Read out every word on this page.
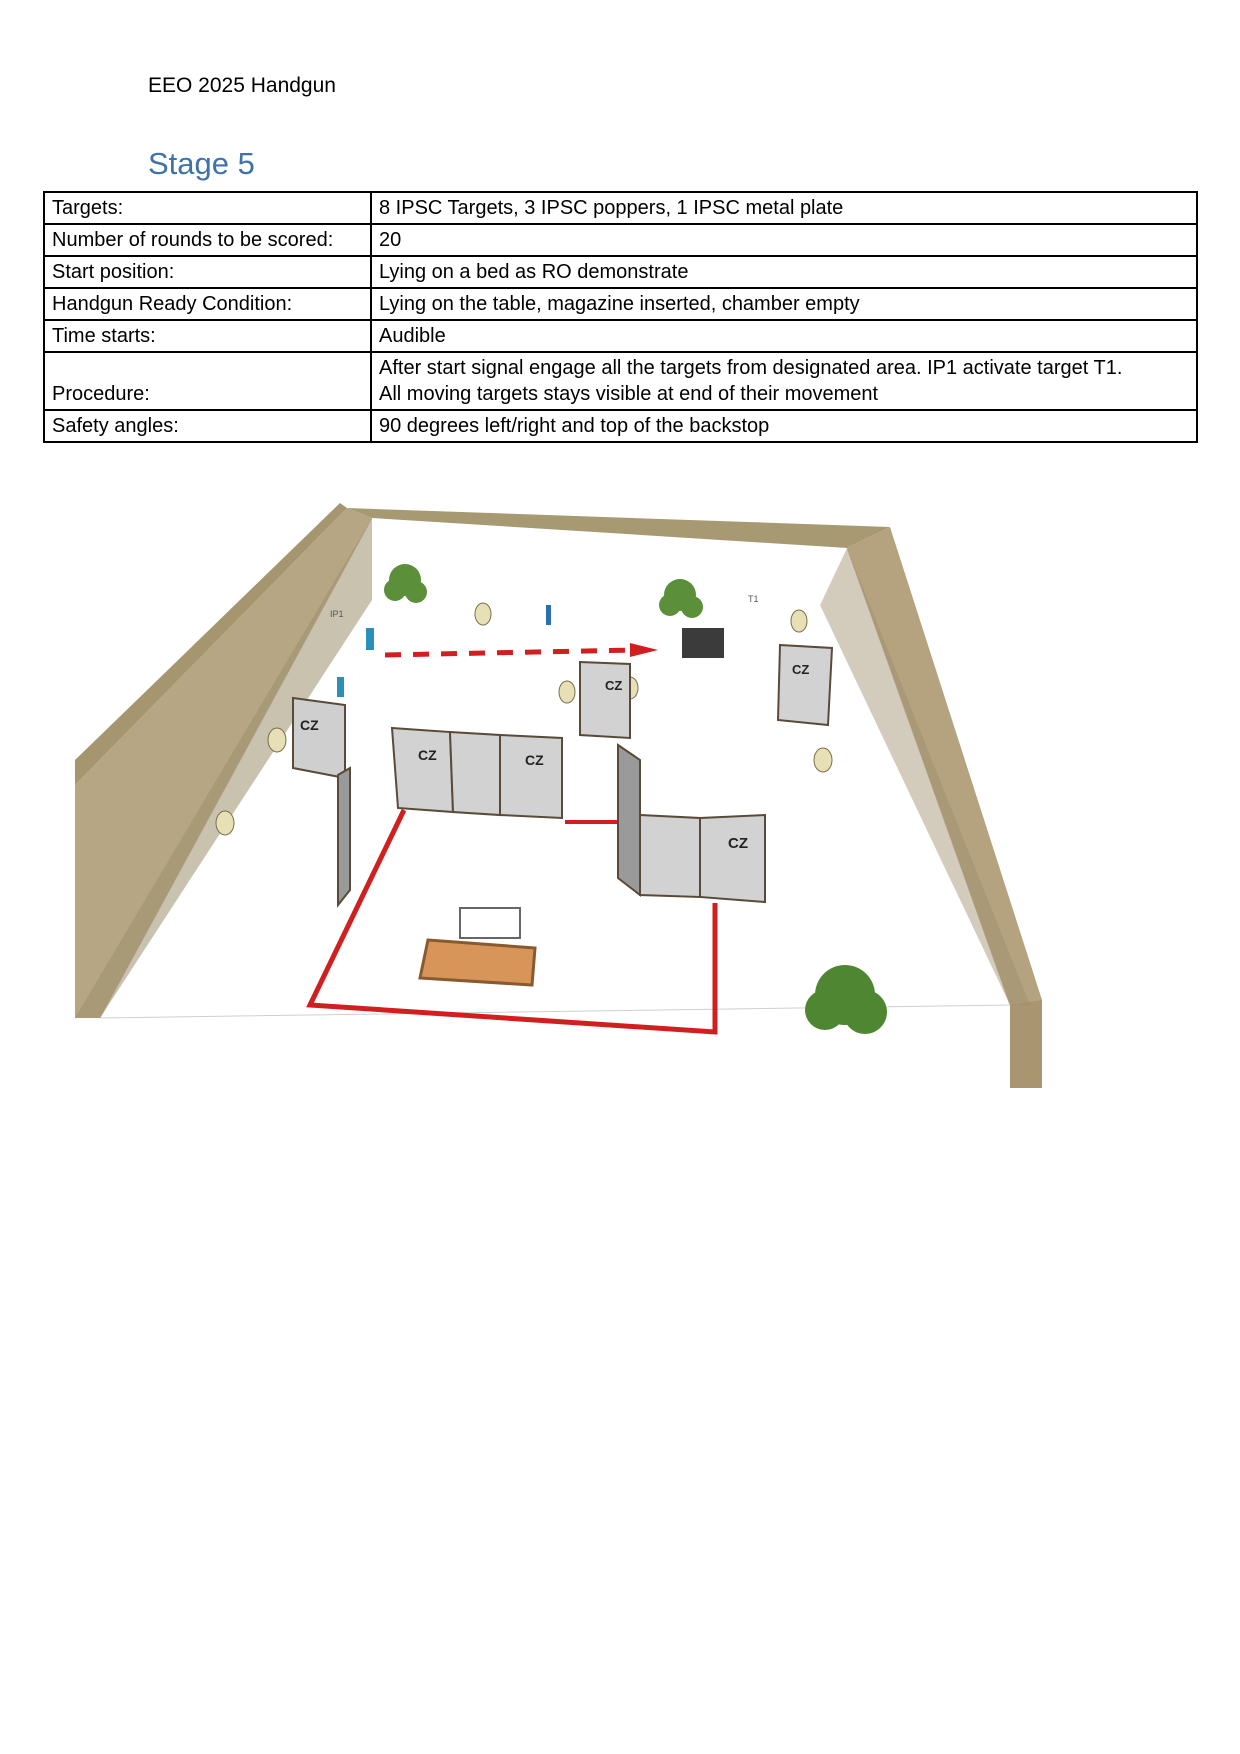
EEO 2025 Handgun
Stage 5
Targets:	8 IPSC Targets, 3 IPSC poppers, 1 IPSC metal plate
Number of rounds to be scored:	20
Start position:	Lying on a bed as RO demonstrate
Handgun Ready Condition:	Lying on the table, magazine inserted, chamber empty
Time starts:	Audible
Procedure:	After start signal engage all the targets from designated area. IP1 activate target T1.
All moving targets stays visible at end of their movement

Safety angles:	90 degrees left/right and top of the backstop
IP1
T1
CZ
CZ	CZ
CZ
CZ
CZ
